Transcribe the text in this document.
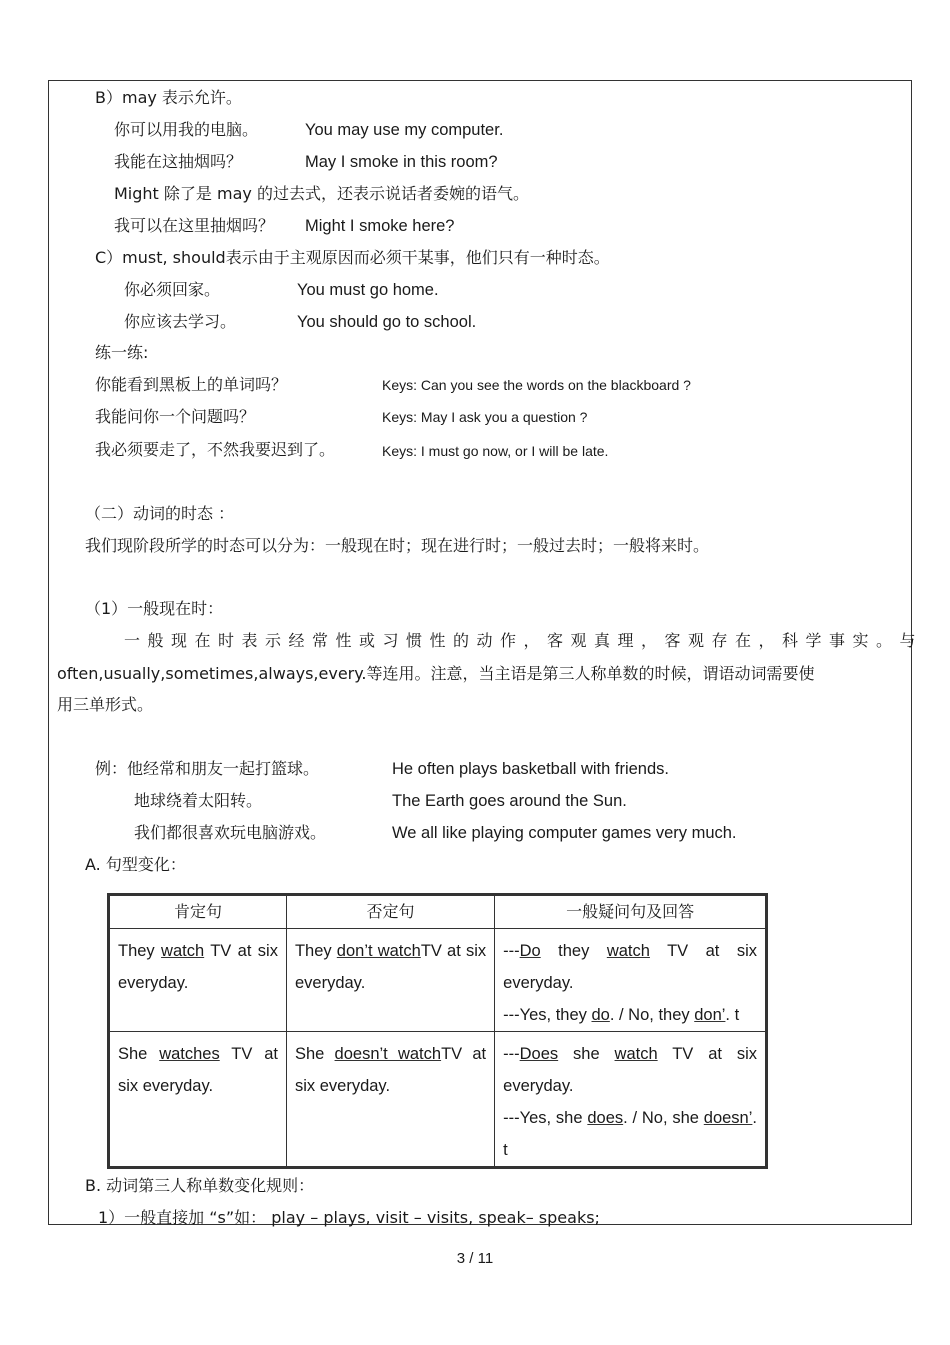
B）may 表示允许。
你可以用我的电脑。	You may use my computer.
我能在这抽烟吗？	May I smoke in this room?
Might 除了是 may 的过去式，还表示说话者委婉的语气。
我可以在这里抽烟吗？ Might I smoke here?
C）must, should表示由于主观原因而必须干某事，他们只有一种时态。
你必须回家。	You must go home.
你应该去学习。	You should go to school.
练一练:
你能看到黑板上的单词吗？	Keys: Can you see the words on the blackboard ?
我能问你一个问题吗？	Keys: May I ask you a question ?
我必须要走了，不然我要迟到了。	Keys: I must go now, or I will be late.
（二）动词的时态 ：
我们现阶段所学的时态可以分为：一般现在时；现在进行时；一般过去时；一般将来时。
（1）一般现在时：
一般现在时表示经常性或习惯性的动作，客观真理，客观存在，科学事实。与
often,usually,sometimes,always,every.等连用。注意，当主语是第三人称单数的时候，谓语动词需要使
用三单形式。
例：他经常和朋友一起打篮球。	He often plays basketball with friends.
地球绕着太阳转。	The Earth goes around the Sun.
我们都很喜欢玩电脑游戏。	We all like playing computer games very much.
A. 句型变化：
肯定句	否定句	一般疑问句及回答

They watch TV at six everyday.	They don’t watchTV at six everyday.	---Do they watch TV at six everyday.
---Yes, they do. / No, they don’. t

She watches TV at six everyday.	She doesn’t watchTV at six everyday.	---Does she watch TV at six everyday.
---Yes, she does. / No, she doesn’. t
B. 动词第三人称单数变化规则：
1）一般直接加 “s”如： play – plays, visit – visits, speak– speaks;
3 / 11
